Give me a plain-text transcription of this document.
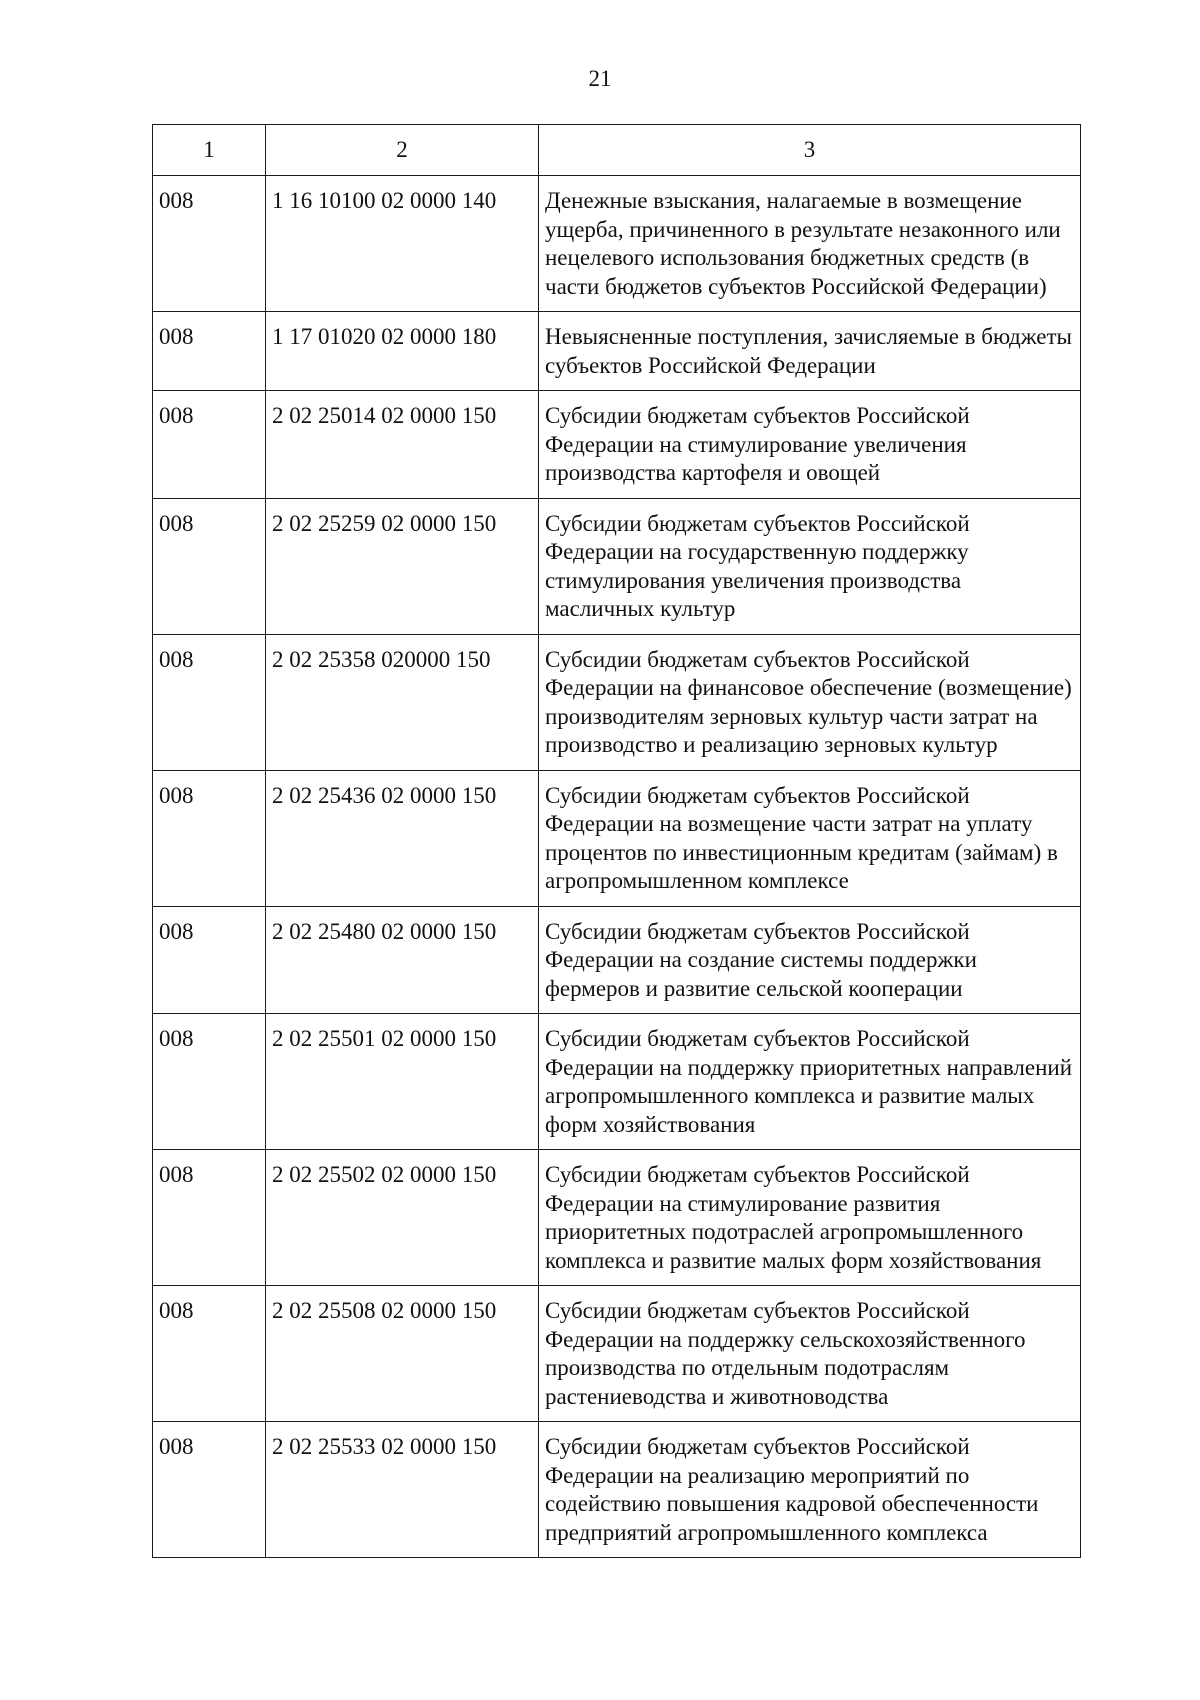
21
1	2	3
008	1 16 10100 02 0000 140	Денежные взыскания, налагаемые в возмещение ущерба, причиненного в результате незаконного или нецелевого использования бюджетных средств (в части бюджетов субъектов Российской Федерации)
008	1 17 01020 02 0000 180	Невыясненные поступления, зачисляемые в бюджеты субъектов Российской Федерации
008	2 02 25014 02 0000 150	Субсидии бюджетам субъектов Российской Федерации на стимулирование увеличения производства картофеля и овощей
008	2 02 25259 02 0000 150	Субсидии бюджетам субъектов Российской Федерации на государственную поддержку стимулирования увеличения производства масличных культур
008	2 02 25358 020000 150	Субсидии бюджетам субъектов Российской Федерации на финансовое обеспечение (возмещение) производителям зерновых культур части затрат на производство и реализацию зерновых культур
008	2 02 25436 02 0000 150	Субсидии бюджетам субъектов Российской Федерации на возмещение части затрат на уплату процентов по инвестиционным кредитам (займам) в агропромышленном комплексе
008	2 02 25480 02 0000 150	Субсидии бюджетам субъектов Российской Федерации на создание системы поддержки фермеров и развитие сельской кооперации
008	2 02 25501 02 0000 150	Субсидии бюджетам субъектов Российской Федерации на поддержку приоритетных направлений агропромышленного комплекса и развитие малых форм хозяйствования
008	2 02 25502 02 0000 150	Субсидии бюджетам субъектов Российской Федерации на стимулирование развития приоритетных подотраслей агропромышленного комплекса и развитие малых форм хозяйствования
008	2 02 25508 02 0000 150	Субсидии бюджетам субъектов Российской Федерации на поддержку сельскохозяйственного производства по отдельным подотраслям растениеводства и животноводства
008	2 02 25533 02 0000 150	Субсидии бюджетам субъектов Российской Федерации на реализацию мероприятий по содействию повышения кадровой обеспеченности предприятий агропромышленного комплекса
